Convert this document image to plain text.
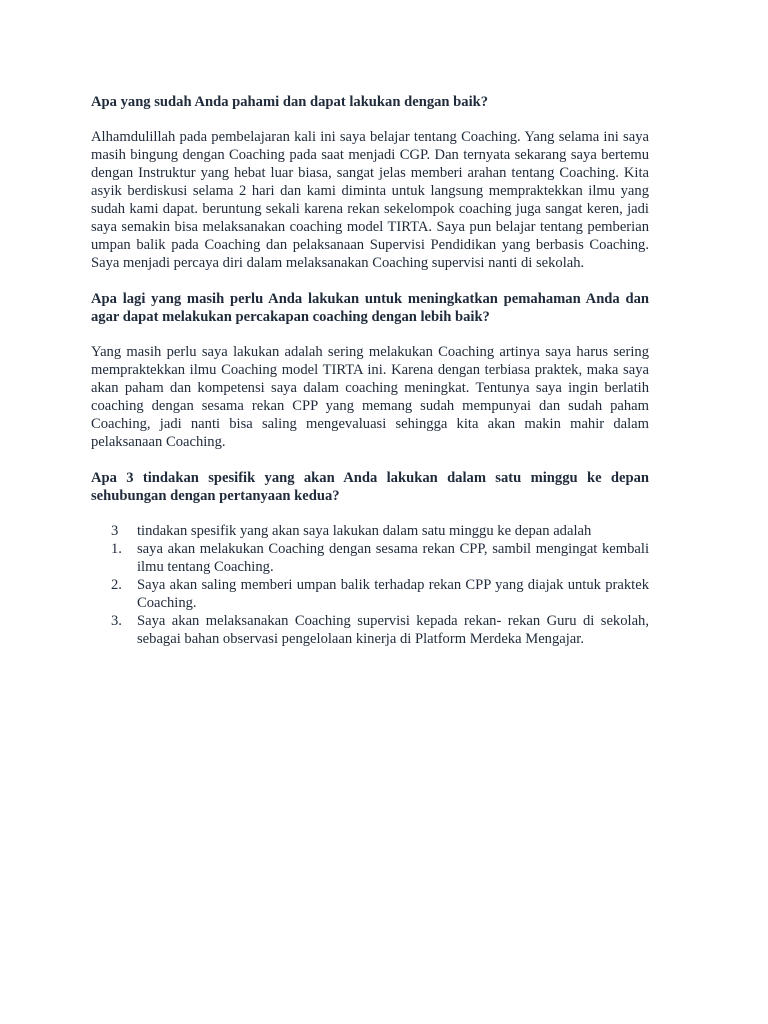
Apa yang sudah Anda pahami dan dapat lakukan dengan baik?

Alhamdulillah pada pembelajaran kali ini saya belajar tentang Coaching. Yang selama ini saya masih bingung dengan Coaching pada saat menjadi CGP. Dan ternyata sekarang saya bertemu dengan Instruktur yang hebat luar biasa, sangat jelas memberi arahan tentang Coaching. Kita asyik berdiskusi selama 2 hari dan kami diminta untuk langsung mempraktekkan ilmu yang sudah kami dapat. beruntung sekali karena rekan sekelompok coaching juga sangat keren, jadi saya semakin bisa melaksanakan coaching model TIRTA. Saya pun belajar tentang pemberian umpan balik pada Coaching dan pelaksanaan Supervisi Pendidikan yang berbasis Coaching. Saya menjadi percaya diri dalam melaksanakan Coaching supervisi nanti di sekolah.

Apa lagi yang masih perlu Anda lakukan untuk meningkatkan pemahaman Anda dan agar dapat melakukan percakapan coaching dengan lebih baik?

Yang masih perlu saya lakukan adalah sering melakukan Coaching artinya saya harus sering mempraktekkan ilmu Coaching model TIRTA ini. Karena dengan terbiasa praktek, maka saya akan paham dan kompetensi saya dalam coaching meningkat. Tentunya saya ingin berlatih coaching dengan sesama rekan CPP yang memang sudah mempunyai dan sudah paham Coaching, jadi nanti bisa saling mengevaluasi sehingga kita akan makin mahir dalam pelaksanaan Coaching.

Apa 3 tindakan spesifik yang akan Anda lakukan dalam satu minggu ke depan sehubungan dengan pertanyaan kedua?

3	tindakan spesifik yang akan saya lakukan dalam satu minggu ke depan adalah
1.	saya akan melakukan Coaching dengan sesama rekan CPP, sambil mengingat kembali ilmu tentang Coaching.
2.	Saya akan saling memberi umpan balik terhadap rekan CPP yang diajak untuk praktek Coaching.
3.	Saya akan melaksanakan Coaching supervisi kepada rekan- rekan Guru di sekolah, sebagai bahan observasi pengelolaan kinerja di Platform Merdeka Mengajar.
